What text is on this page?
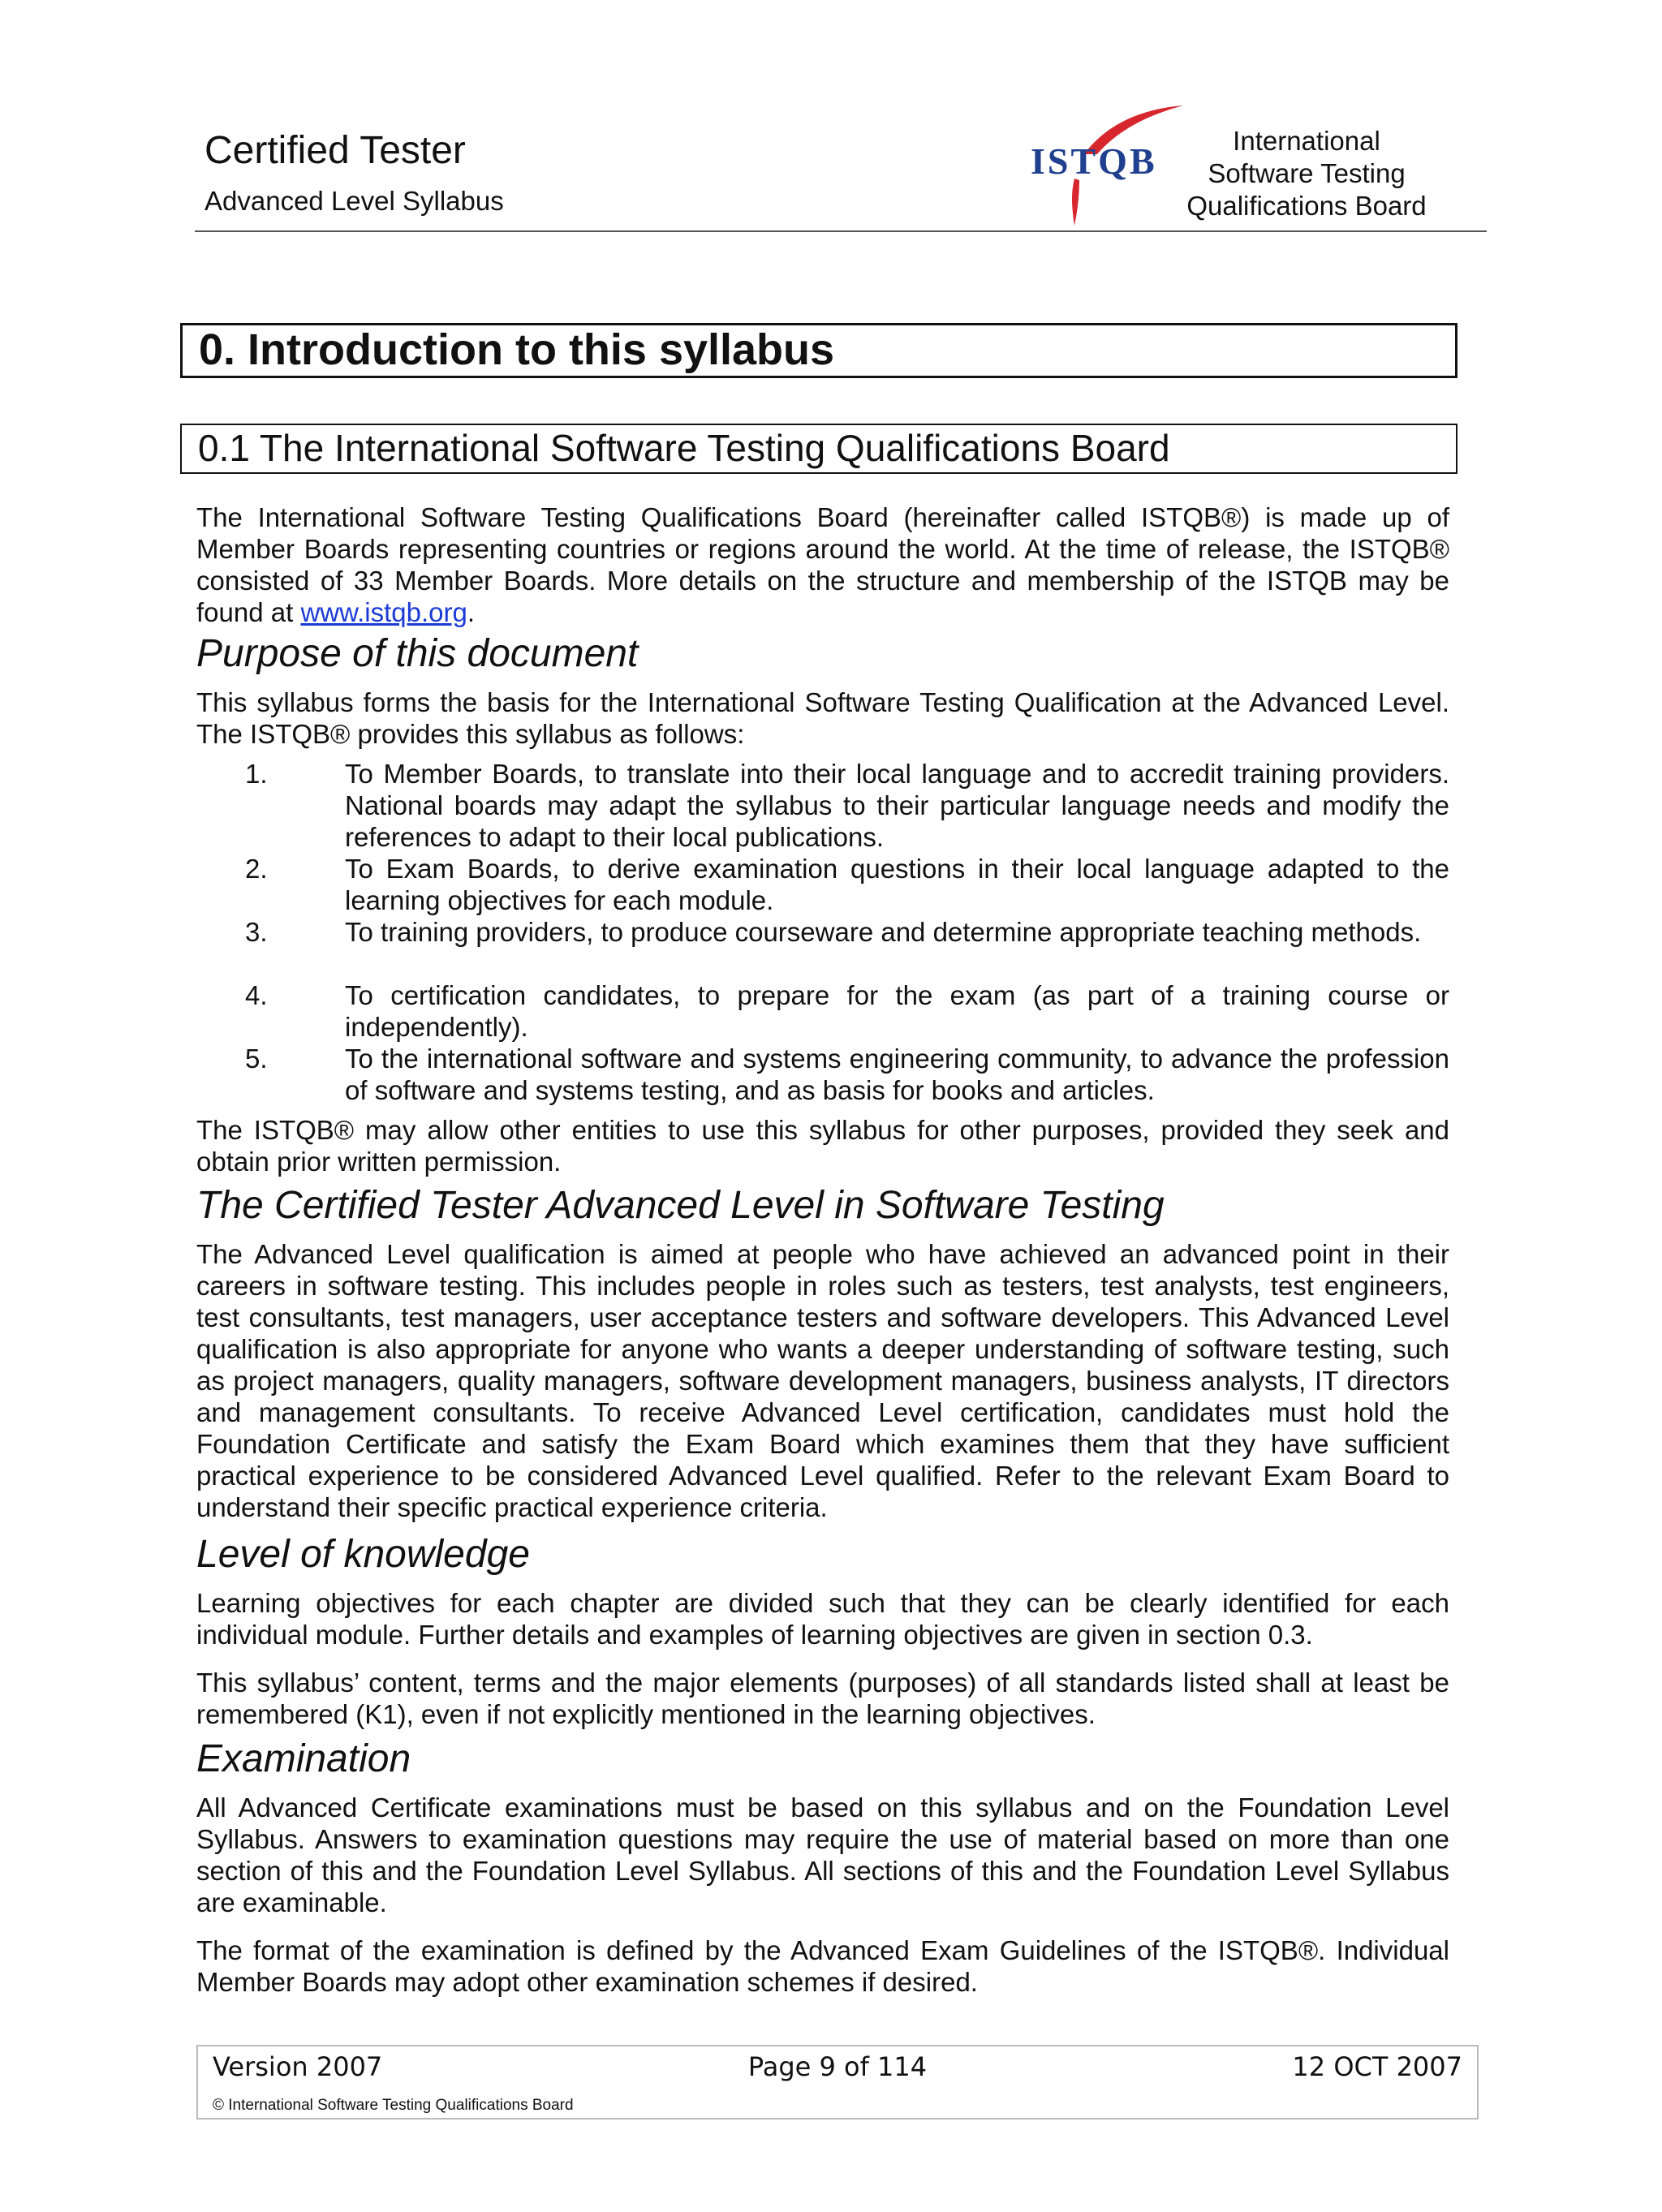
Certified Tester
Advanced Level Syllabus
ISTQB	International
Software Testing
Qualifications Board
0. Introduction to this syllabus
0.1 The International Software Testing Qualifications Board
The International Software Testing Qualifications Board (hereinafter called ISTQB®) is made up of Member Boards representing countries or regions around the world. At the time of release, the ISTQB® consisted of 33 Member Boards. More details on the structure and membership of the ISTQB may be found at www.istqb.org.
Purpose of this document
This syllabus forms the basis for the International Software Testing Qualification at the Advanced Level. The ISTQB® provides this syllabus as follows:
1.	To Member Boards, to translate into their local language and to accredit training providers. National boards may adapt the syllabus to their particular language needs and modify the references to adapt to their local publications.
2.	To Exam Boards, to derive examination questions in their local language adapted to the learning objectives for each module.
3.	To training providers, to produce courseware and determine appropriate teaching methods.
4.	To certification candidates, to prepare for the exam (as part of a training course or independently).
5.	To the international software and systems engineering community, to advance the profession of software and systems testing, and as basis for books and articles.
The ISTQB® may allow other entities to use this syllabus for other purposes, provided they seek and obtain prior written permission.
The Certified Tester Advanced Level in Software Testing
The Advanced Level qualification is aimed at people who have achieved an advanced point in their careers in software testing. This includes people in roles such as testers, test analysts, test engineers, test consultants, test managers, user acceptance testers and software developers. This Advanced Level qualification is also appropriate for anyone who wants a deeper understanding of software testing, such as project managers, quality managers, software development managers, business analysts, IT directors and management consultants. To receive Advanced Level certification, candidates must hold the Foundation Certificate and satisfy the Exam Board which examines them that they have sufficient practical experience to be considered Advanced Level qualified. Refer to the relevant Exam Board to understand their specific practical experience criteria.
Level of knowledge
Learning objectives for each chapter are divided such that they can be clearly identified for each individual module. Further details and examples of learning objectives are given in section 0.3.
This syllabus’ content, terms and the major elements (purposes) of all standards listed shall at least be remembered (K1), even if not explicitly mentioned in the learning objectives.
Examination
All Advanced Certificate examinations must be based on this syllabus and on the Foundation Level Syllabus. Answers to examination questions may require the use of material based on more than one section of this and the Foundation Level Syllabus. All sections of this and the Foundation Level Syllabus are examinable.
The format of the examination is defined by the Advanced Exam Guidelines of the ISTQB®. Individual Member Boards may adopt other examination schemes if desired.
Page 9 of 114
Version 2007	12 OCT 2007
© International Software Testing Qualifications Board
